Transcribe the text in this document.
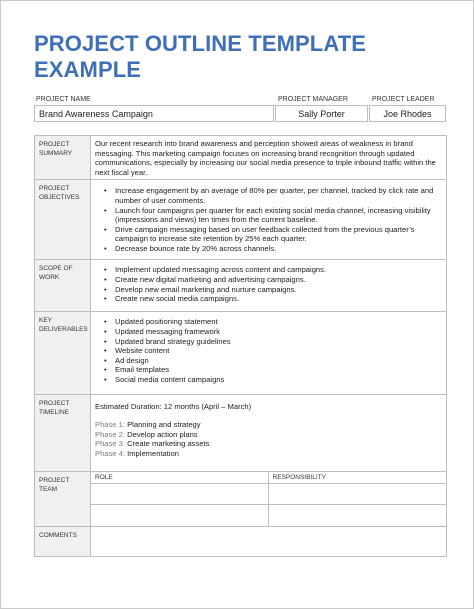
PROJECT OUTLINE TEMPLATE
EXAMPLE
PROJECT NAME	PROJECT MANAGER	PROJECT LEADER
Brand Awareness Campaign	Sally Porter	Joe Rhodes
PROJECT
SUMMARY

Our recent research into brand awareness and perception showed areas of weakness in brand messaging. This marketing campaign focuses on increasing brand recognition through updated communications, especially by increasing our social media presence to triple inbound traffic within the next fiscal year.

PROJECT
OBJECTIVES

• Increase engagement by an average of 80% per quarter, per channel, tracked by click rate and number of user comments.
• Launch four campaigns per quarter for each existing social media channel, increasing visibility (impressions and views) ten times from the current baseline.
• Drive campaign messaging based on user feedback collected from the previous quarter’s campaign to increase site retention by 25% each quarter.
• Decrease bounce rate by 20% across channels.

SCOPE OF
WORK

• Implement updated messaging across content and campaigns.
• Create new digital marketing and advertising campaigns.
• Develop new email marketing and nurture campaigns.
• Create new social media campaigns.

KEY
DELIVERABLES

• Updated positioning statement
• Updated messaging framework
• Updated brand strategy guidelines
• Website content
• Ad design
• Email templates
• Social media content campaigns

PROJECT
TIMELINE

Estimated Duration: 12 months (April – March)
Phase 1: Planning and strategy
Phase 2: Develop action plans
Phase 3: Create marketing assets
Phase 4: Implementation

PROJECT
TEAM

ROLE	RESPONSIBILITY

COMMENTS
